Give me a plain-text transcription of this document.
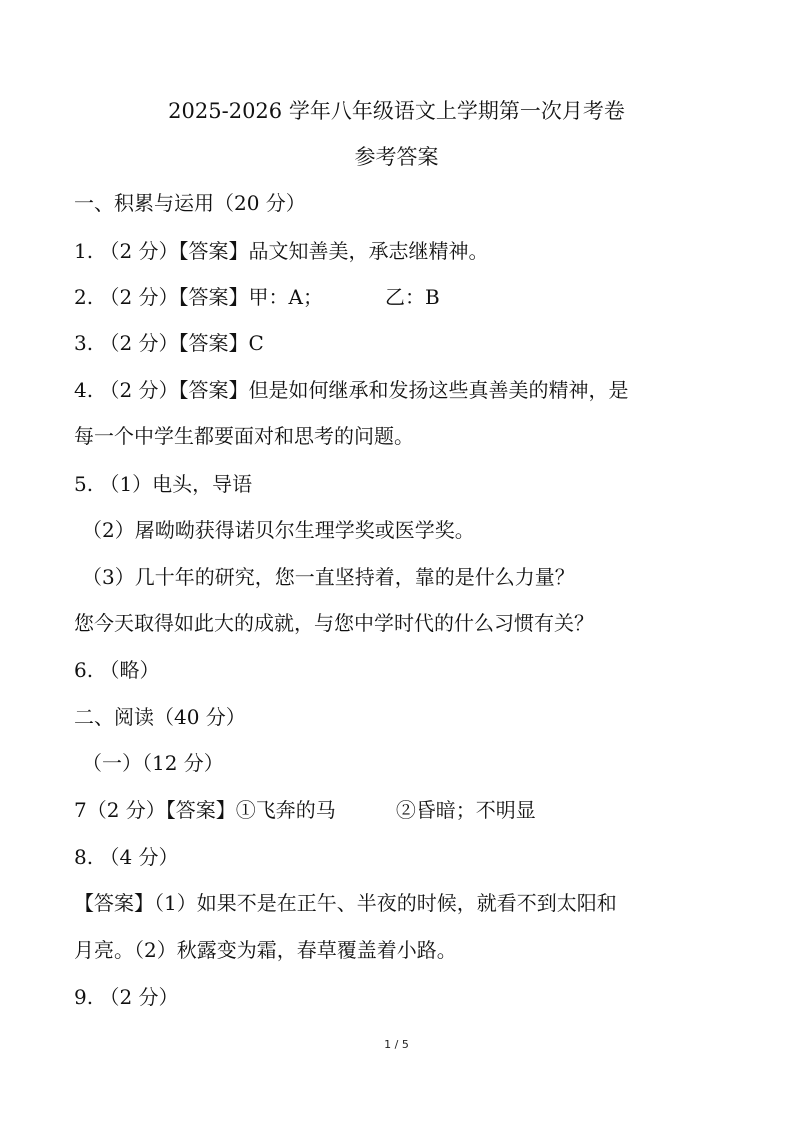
2025-2026 学年八年级语文上学期第一次月考卷
参考答案
一、积累与运用（20 分）
1. （2 分）【答案】品文知善美，承志继精神。
2. （2 分）【答案】甲：A；	乙：B
3. （2 分）【答案】C
4. （2 分）【答案】但是如何继承和发扬这些真善美的精神，是
每一个中学生都要面对和思考的问题。
5. （1）电头，导语
（2）屠呦呦获得诺贝尔生理学奖或医学奖。
（3）几十年的研究，您一直坚持着，靠的是什么力量？
您今天取得如此大的成就，与您中学时代的什么习惯有关？
6. （略）
二、阅读（40 分）
（一）（12 分）
7（2 分）【答案】①飞奔的马	②昏暗；不明显
8. （4 分）
【答案】（1）如果不是在正午、半夜的时候，就看不到太阳和
月亮。（2）秋露变为霜，春草覆盖着小路。
9. （2 分）
1 / 5
